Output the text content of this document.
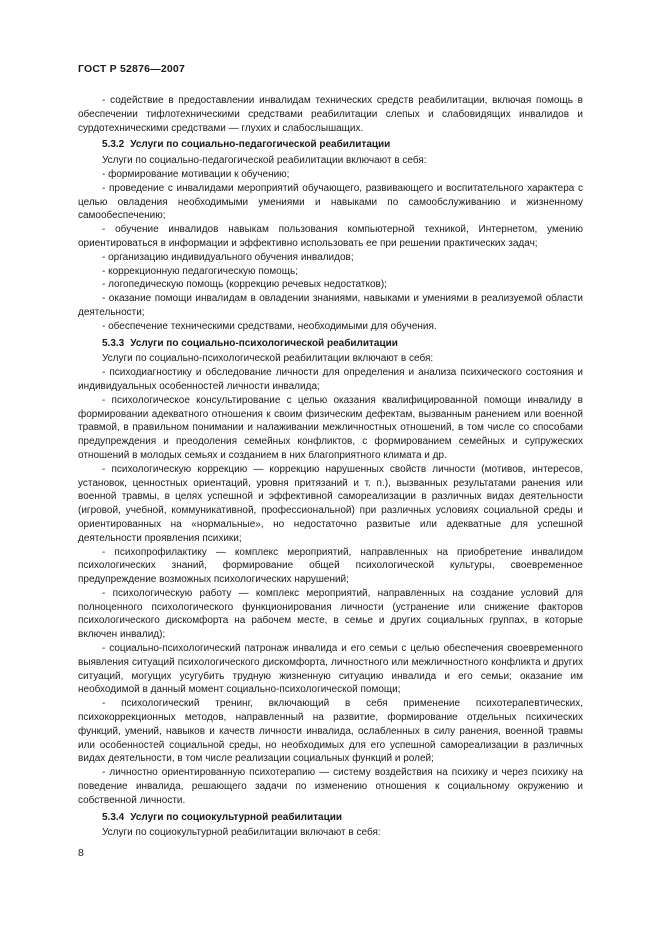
ГОСТ Р 52876—2007

- содействие в предоставлении инвалидам технических средств реабилитации, включая помощь в обеспечении тифлотехническими средствами реабилитации слепых и слабовидящих инвалидов и сурдотехническими средствами — глухих и слабослышащих.

5.3.2 Услуги по социально-педагогической реабилитации

Услуги по социально-педагогической реабилитации включают в себя:

- формирование мотивации к обучению;

- проведение с инвалидами мероприятий обучающего, развивающего и воспитательного характера с целью овладения необходимыми умениями и навыками по самообслуживанию и жизненному самообеспечению;

- обучение инвалидов навыкам пользования компьютерной техникой, Интернетом, умению ориентироваться в информации и эффективно использовать ее при решении практических задач;

- организацию индивидуального обучения инвалидов;

- коррекционную педагогическую помощь;

- логопедическую помощь (коррекцию речевых недостатков);

- оказание помощи инвалидам в овладении знаниями, навыками и умениями в реализуемой области деятельности;

- обеспечение техническими средствами, необходимыми для обучения.

5.3.3 Услуги по социально-психологической реабилитации

Услуги по социально-психологической реабилитации включают в себя:

- психодиагностику и обследование личности для определения и анализа психического состояния и индивидуальных особенностей личности инвалида;

- психологическое консультирование с целью оказания квалифицированной помощи инвалиду в формировании адекватного отношения к своим физическим дефектам, вызванным ранением или военной травмой, в правильном понимании и налаживании межличностных отношений, в том числе со способами предупреждения и преодоления семейных конфликтов, с формированием семейных и супружеских отношений в молодых семьях и созданием в них благоприятного климата и др.

- психологическую коррекцию — коррекцию нарушенных свойств личности (мотивов, интересов, установок, ценностных ориентаций, уровня притязаний и т. п.), вызванных результатами ранения или военной травмы, в целях успешной и эффективной самореализации в различных видах деятельности (игровой, учебной, коммуникативной, профессиональной) при различных условиях социальной среды и ориентированных на «нормальные», но недостаточно развитые или адекватные для успешной деятельности проявления психики;

- психопрофилактику — комплекс мероприятий, направленных на приобретение инвалидом психологических знаний, формирование общей психологической культуры, своевременное предупреждение возможных психологических нарушений;

- психологическую работу — комплекс мероприятий, направленных на создание условий для полноценного психологического функционирования личности (устранение или снижение факторов психологического дискомфорта на рабочем месте, в семье и других социальных группах, в которые включен инвалид);

- социально-психологический патронаж инвалида и его семьи с целью обеспечения своевременного выявления ситуаций психологического дискомфорта, личностного или межличностного конфликта и других ситуаций, могущих усугубить трудную жизненную ситуацию инвалида и его семьи; оказание им необходимой в данный момент социально-психологической помощи;

- психологический тренинг, включающий в себя применение психотерапевтических, психокоррекционных методов, направленный на развитие, формирование отдельных психических функций, умений, навыков и качеств личности инвалида, ослабленных в силу ранения, военной травмы или особенностей социальной среды, но необходимых для его успешной самореализации в различных видах деятельности, в том числе реализации социальных функций и ролей;

- личностно ориентированную психотерапию — систему воздействия на психику и через психику на поведение инвалида, решающего задачи по изменению отношения к социальному окружению и собственной личности.

5.3.4 Услуги по социокультурной реабилитации

Услуги по социокультурной реабилитации включают в себя:

8
